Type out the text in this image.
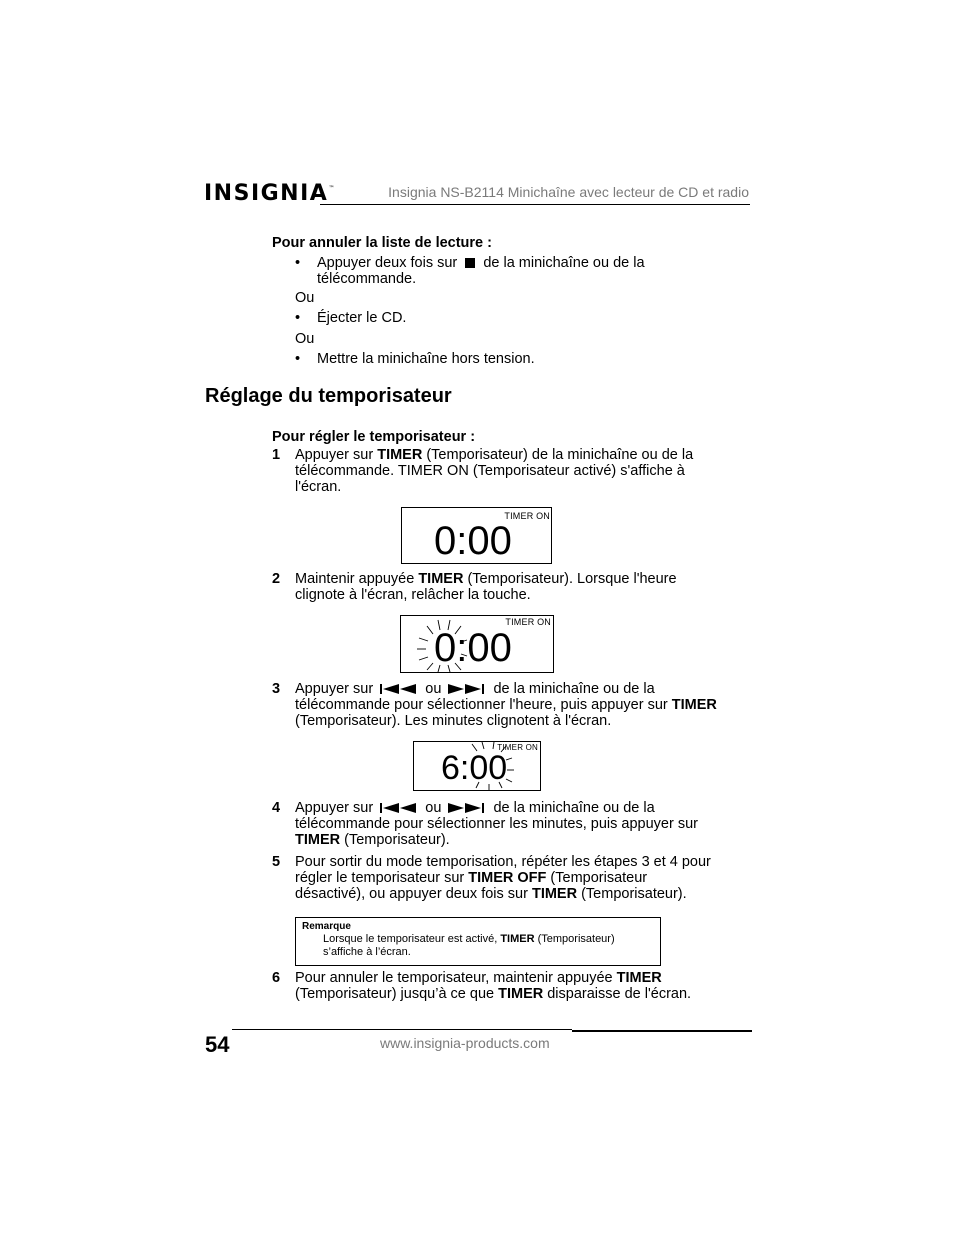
INSIGNIA™	Insignia NS-B2114 Minichaîne avec lecteur de CD et radio
Pour annuler la liste de lecture :
• Appuyer deux fois sur de la minichaîne ou de la
télécommande.
Ou
• Éjecter le CD.
Ou
• Mettre la minichaîne hors tension.
Réglage du temporisateur
Pour régler le temporisateur :
1 Appuyer sur TIMER (Temporisateur) de la minichaîne ou de la
télécommande. TIMER ON (Temporisateur activé) s'affiche à
l'écran.
TIMER ON
0:00
2 Maintenir appuyée TIMER (Temporisateur). Lorsque l'heure
clignote à l'écran, relâcher la touche.
TIMER ON
0:00
3 Appuyer sur	ou	de la minichaîne ou de la
télécommande pour sélectionner l'heure, puis appuyer sur TIMER
(Temporisateur). Les minutes clignotent à l'écran.
TIMER ON
6:00
4 Appuyer sur	ou	de la minichaîne ou de la
télécommande pour sélectionner les minutes, puis appuyer sur
TIMER (Temporisateur).
5 Pour sortir du mode temporisation, répéter les étapes 3 et 4 pour
régler le temporisateur sur TIMER OFF (Temporisateur
désactivé), ou appuyer deux fois sur TIMER (Temporisateur).
Remarque
Lorsque le temporisateur est activé, TIMER (Temporisateur)
s’affiche à l’écran.
6 Pour annuler le temporisateur, maintenir appuyée TIMER
(Temporisateur) jusqu’à ce que TIMER disparaisse de l'écran.
54	www.insignia-products.com
